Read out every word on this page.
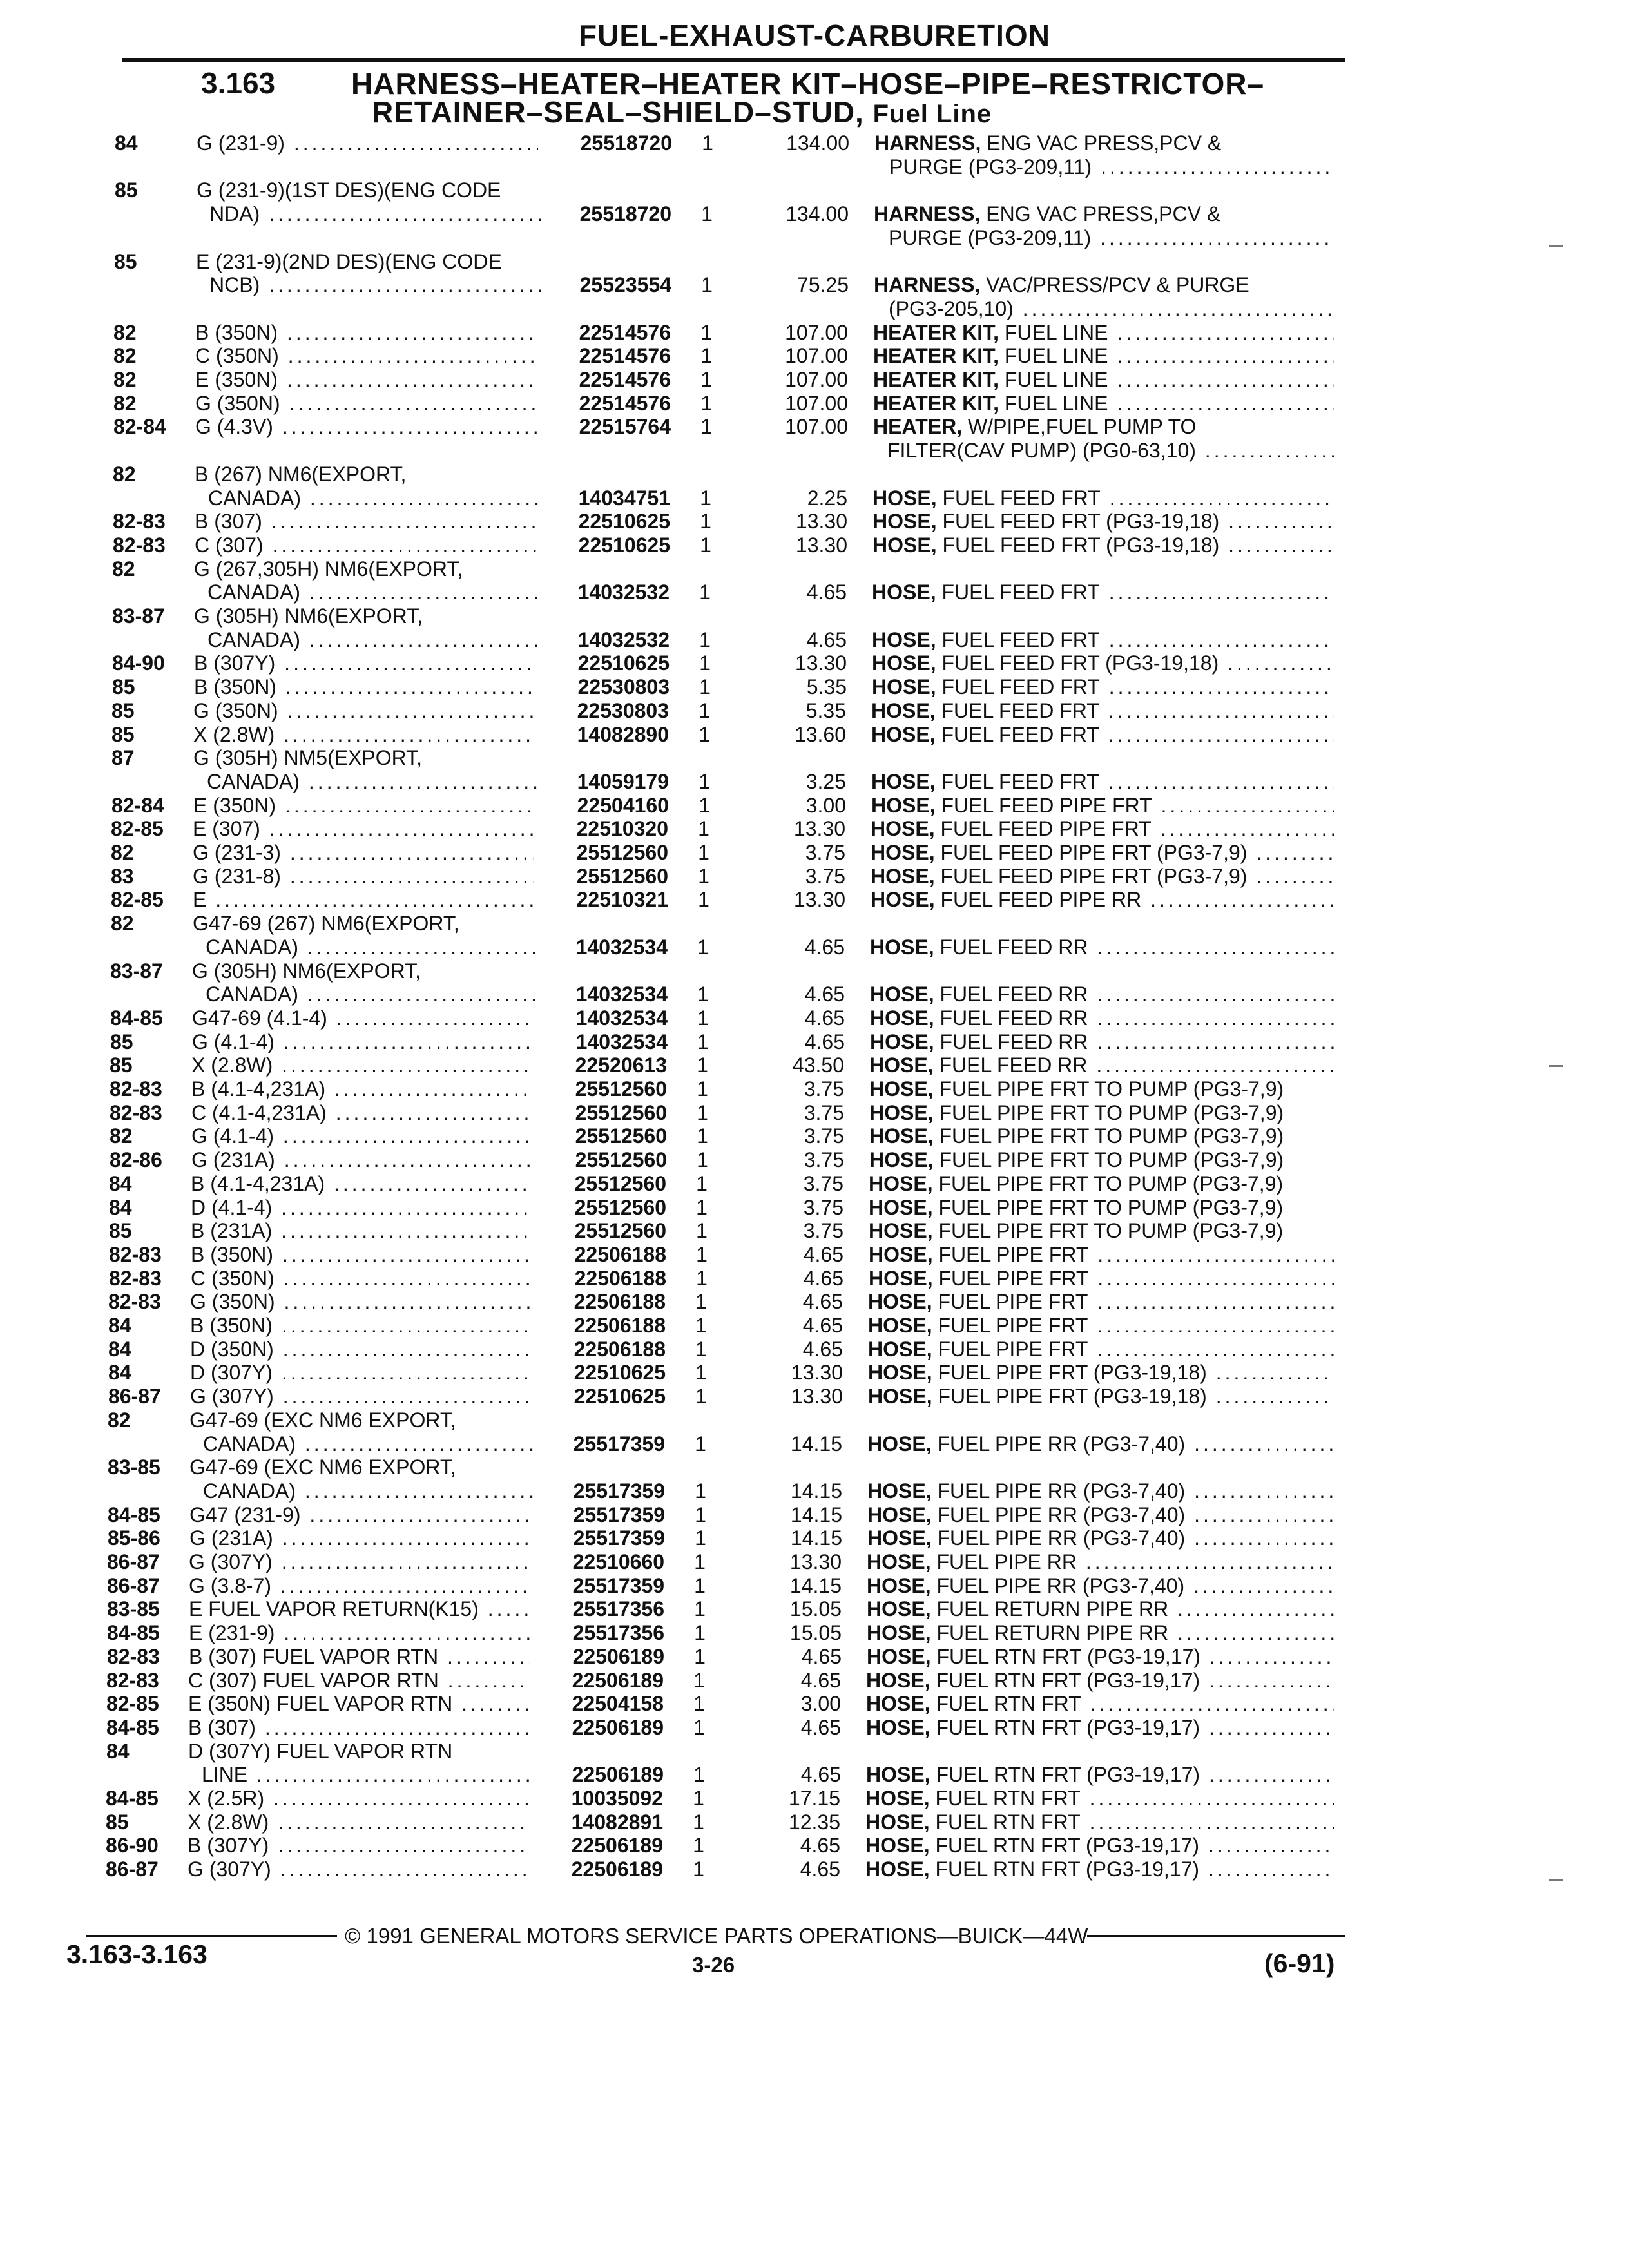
FUEL-EXHAUST-CARBURETION
3.163	HARNESS–HEATER–HEATER KIT–HOSE–PIPE–RESTRICTOR–
RETAINER–SEAL–SHIELD–STUD, Fuel Line
84	G (231-9) .....	25518720 1	134.00 HARNESS, ENG VAC PRESS,PCV &
PURGE (PG3-209,11) .....
85	G (231-9)(1ST DES)(ENG CODE
NDA) .....	25518720 1	134.00 HARNESS, ENG VAC PRESS,PCV &
PURGE (PG3-209,11) .....
85	E (231-9)(2ND DES)(ENG CODE
NCB) .....	25523554 1	75.25 HARNESS, VAC/PRESS/PCV & PURGE
(PG3-205,10) .....
82	B (350N) .....	22514576 1	107.00 HEATER KIT, FUEL LINE .....
82	C (350N) .....	22514576 1	107.00 HEATER KIT, FUEL LINE .....
82	E (350N) .....	22514576 1	107.00 HEATER KIT, FUEL LINE .....
82	G (350N) .....	22514576 1	107.00 HEATER KIT, FUEL LINE .....
82-84	G (4.3V) .....	22515764 1	107.00 HEATER, W/PIPE,FUEL PUMP TO
FILTER(CAV PUMP) (PG0-63,10) .....
82	B (267) NM6(EXPORT,
CANADA) .....	14034751 1	2.25 HOSE, FUEL FEED FRT .....
82-83	B (307) .....	22510625 1	13.30 HOSE, FUEL FEED FRT (PG3-19,18) .....
82-83	C (307) .....	22510625 1	13.30 HOSE, FUEL FEED FRT (PG3-19,18) .....
82	G (267,305H) NM6(EXPORT,
CANADA) .....	14032532 1	4.65 HOSE, FUEL FEED FRT .....
83-87	G (305H) NM6(EXPORT,
CANADA) .....	14032532 1	4.65 HOSE, FUEL FEED FRT .....
84-90	B (307Y) .....	22510625 1	13.30 HOSE, FUEL FEED FRT (PG3-19,18) .....
85	B (350N) .....	22530803 1	5.35 HOSE, FUEL FEED FRT .....
85	G (350N) .....	22530803 1	5.35 HOSE, FUEL FEED FRT .....
85	X (2.8W) .....	14082890 1	13.60 HOSE, FUEL FEED FRT .....
87	G (305H) NM5(EXPORT,
CANADA) .....	14059179 1	3.25 HOSE, FUEL FEED FRT .....
82-84	E (350N) .....	22504160 1	3.00 HOSE, FUEL FEED PIPE FRT .....
82-85	E (307) .....	22510320 1	13.30 HOSE, FUEL FEED PIPE FRT .....
82	G (231-3) .....	25512560 1	3.75 HOSE, FUEL FEED PIPE FRT (PG3-7,9) .....
83	G (231-8) .....	25512560 1	3.75 HOSE, FUEL FEED PIPE FRT (PG3-7,9) .....
82-85	E .....	22510321 1	13.30 HOSE, FUEL FEED PIPE RR .....
82	G47-69 (267) NM6(EXPORT,
CANADA) .....	14032534 1	4.65 HOSE, FUEL FEED RR .....
83-87	G (305H) NM6(EXPORT,
CANADA) .....	14032534 1	4.65 HOSE, FUEL FEED RR .....
84-85	G47-69 (4.1-4) .....	14032534 1	4.65 HOSE, FUEL FEED RR .....
85	G (4.1-4) .....	14032534 1	4.65 HOSE, FUEL FEED RR .....
85	X (2.8W) .....	22520613 1	43.50 HOSE, FUEL FEED RR .....
82-83	B (4.1-4,231A) .....	25512560 1	3.75 HOSE, FUEL PIPE FRT TO PUMP (PG3-7,9)
82-83	C (4.1-4,231A) .....	25512560 1	3.75 HOSE, FUEL PIPE FRT TO PUMP (PG3-7,9)
82	G (4.1-4) .....	25512560 1	3.75 HOSE, FUEL PIPE FRT TO PUMP (PG3-7,9)
82-86	G (231A) .....	25512560 1	3.75 HOSE, FUEL PIPE FRT TO PUMP (PG3-7,9)
84	B (4.1-4,231A) .....	25512560 1	3.75 HOSE, FUEL PIPE FRT TO PUMP (PG3-7,9)
84	D (4.1-4) .....	25512560 1	3.75 HOSE, FUEL PIPE FRT TO PUMP (PG3-7,9)
85	B (231A) .....	25512560 1	3.75 HOSE, FUEL PIPE FRT TO PUMP (PG3-7,9)
82-83	B (350N) .....	22506188 1	4.65 HOSE, FUEL PIPE FRT .....
82-83	C (350N) .....	22506188 1	4.65 HOSE, FUEL PIPE FRT .....
82-83	G (350N) .....	22506188 1	4.65 HOSE, FUEL PIPE FRT .....
84	B (350N) .....	22506188 1	4.65 HOSE, FUEL PIPE FRT .....
84	D (350N) .....	22506188 1	4.65 HOSE, FUEL PIPE FRT .....
84	D (307Y) .....	22510625 1	13.30 HOSE, FUEL PIPE FRT (PG3-19,18) .....
86-87	G (307Y) .....	22510625 1	13.30 HOSE, FUEL PIPE FRT (PG3-19,18) .....
82	G47-69 (EXC NM6 EXPORT,
CANADA) .....	25517359 1	14.15 HOSE, FUEL PIPE RR (PG3-7,40) .....
83-85	G47-69 (EXC NM6 EXPORT,
CANADA) .....	25517359 1	14.15 HOSE, FUEL PIPE RR (PG3-7,40) .....
84-85	G47 (231-9) .....	25517359 1	14.15 HOSE, FUEL PIPE RR (PG3-7,40) .....
85-86	G (231A) .....	25517359 1	14.15 HOSE, FUEL PIPE RR (PG3-7,40) .....
86-87	G (307Y) .....	22510660 1	13.30 HOSE, FUEL PIPE RR .....
86-87	G (3.8-7) .....	25517359 1	14.15 HOSE, FUEL PIPE RR (PG3-7,40) .....
83-85	E FUEL VAPOR RETURN(K15) .....	25517356 1	15.05 HOSE, FUEL RETURN PIPE RR .....
84-85	E (231-9) .....	25517356 1	15.05 HOSE, FUEL RETURN PIPE RR .....
82-83	B (307) FUEL VAPOR RTN .....	22506189 1	4.65 HOSE, FUEL RTN FRT (PG3-19,17) .....
82-83	C (307) FUEL VAPOR RTN .....	22506189 1	4.65 HOSE, FUEL RTN FRT (PG3-19,17) .....
82-85	E (350N) FUEL VAPOR RTN .....	22504158 1	3.00 HOSE, FUEL RTN FRT .....
84-85	B (307) .....	22506189 1	4.65 HOSE, FUEL RTN FRT (PG3-19,17) .....
84	D (307Y) FUEL VAPOR RTN
LINE .....	22506189 1	4.65 HOSE, FUEL RTN FRT (PG3-19,17) .....
84-85	X (2.5R) .....	10035092 1	17.15 HOSE, FUEL RTN FRT .....
85	X (2.8W) .....	14082891 1	12.35 HOSE, FUEL RTN FRT .....
86-90	B (307Y) .....	22506189 1	4.65 HOSE, FUEL RTN FRT (PG3-19,17) .....
86-87	G (307Y) .....	22506189 1	4.65 HOSE, FUEL RTN FRT (PG3-19,17) .....
© 1991 GENERAL MOTORS SERVICE PARTS OPERATIONS—BUICK—44W
3.163-3.163	3-26	(6-91)
